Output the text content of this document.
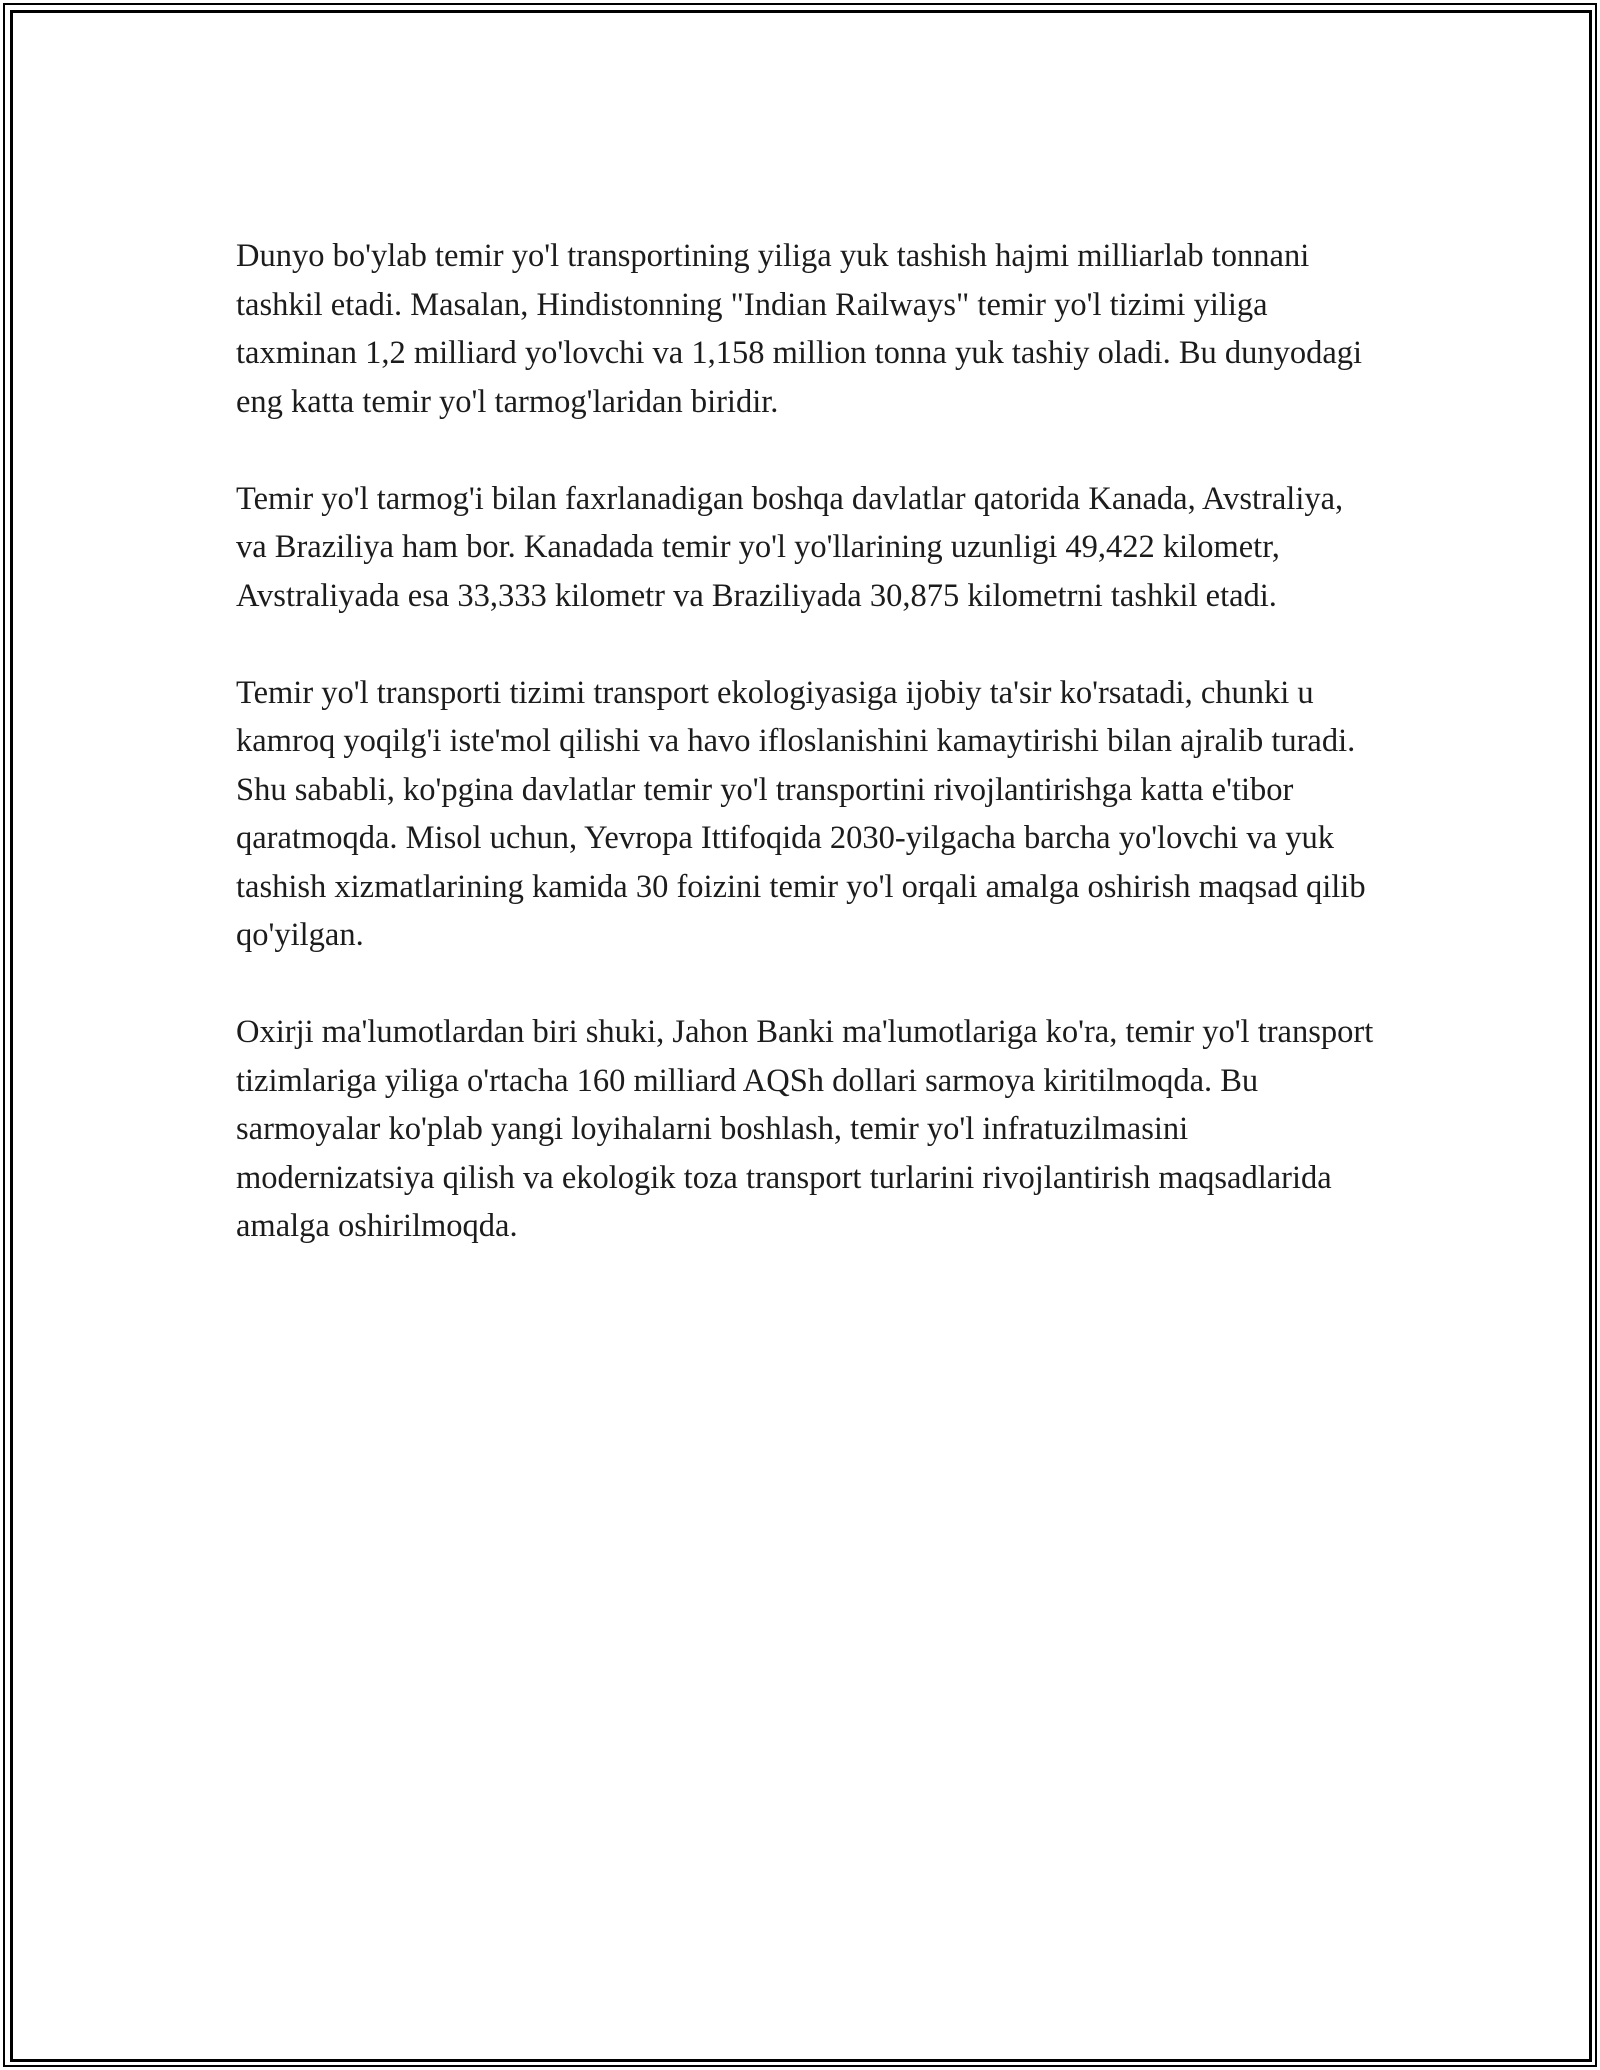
Dunyo bo'ylab temir yo'l transportining yiliga yuk tashish hajmi milliarlab tonnani tashkil etadi. Masalan, Hindistonning "Indian Railways" temir yo'l tizimi yiliga taxminan 1,2 milliard yo'lovchi va 1,158 million tonna yuk tashiy oladi. Bu dunyodagi eng katta temir yo'l tarmog'laridan biridir.

Temir yo'l tarmog'i bilan faxrlanadigan boshqa davlatlar qatorida Kanada, Avstraliya, va Braziliya ham bor. Kanadada temir yo'l yo'llarining uzunligi 49,422 kilometr, Avstraliyada esa 33,333 kilometr va Braziliyada 30,875 kilometrni tashkil etadi.

Temir yo'l transporti tizimi transport ekologiyasiga ijobiy ta'sir ko'rsatadi, chunki u kamroq yoqilg'i iste'mol qilishi va havo ifloslanishini kamaytirishi bilan ajralib turadi. Shu sababli, ko'pgina davlatlar temir yo'l transportini rivojlantirishga katta e'tibor qaratmoqda. Misol uchun, Yevropa Ittifoqida 2030-yilgacha barcha yo'lovchi va yuk tashish xizmatlarining kamida 30 foizini temir yo'l orqali amalga oshirish maqsad qilib qo'yilgan.

Oxirji ma'lumotlardan biri shuki, Jahon Banki ma'lumotlariga ko'ra, temir yo'l transport tizimlariga yiliga o'rtacha 160 milliard AQSh dollari sarmoya kiritilmoqda. Bu sarmoyalar ko'plab yangi loyihalarni boshlash, temir yo'l infratuzilmasini modernizatsiya qilish va ekologik toza transport turlarini rivojlantirish maqsadlarida amalga oshirilmoqda.
